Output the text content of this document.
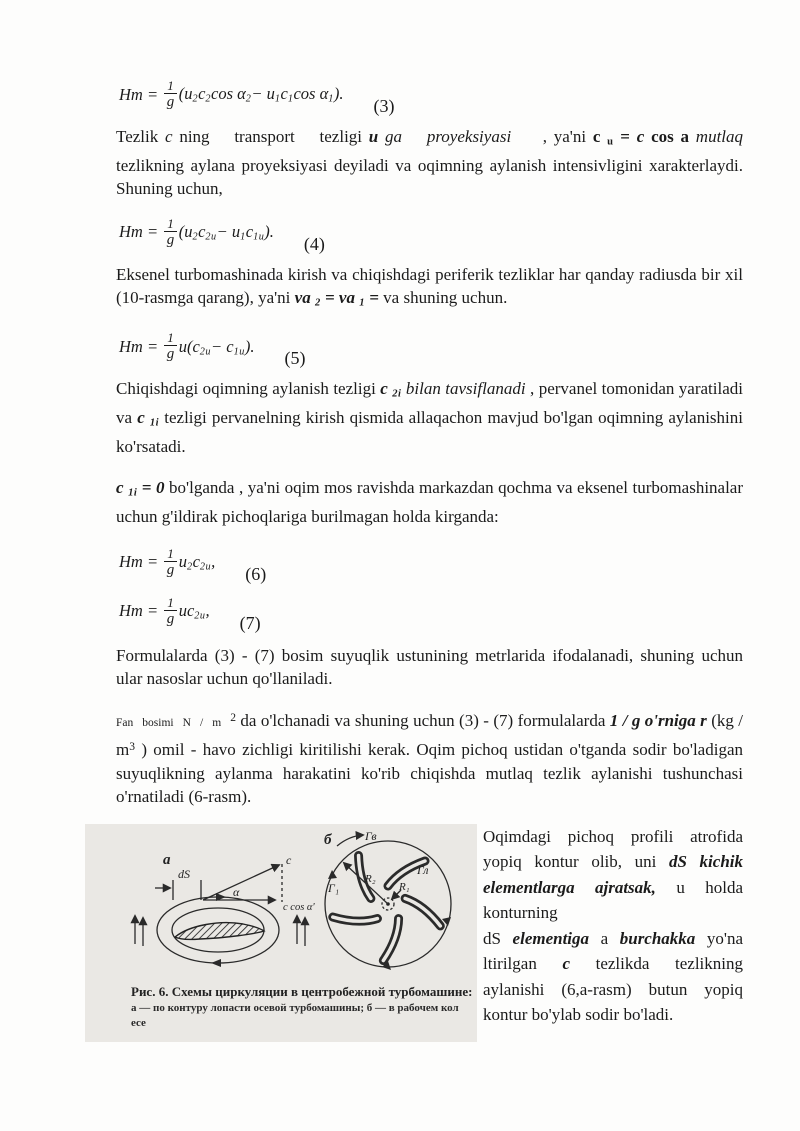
$Hm = \frac{1}{g} (u2c2\cos$ α2− u1c1cos α1).
(3)

Tezlik c ning transport tezligi u ga proyeksiyasi  , ya'ni c u = c cos a mutlaq tezlikning aylana proyeksiyasi deyiladi va oqimning aylanish intensivligini xarakterlaydi. Shuning uchun,

$Hm = \frac{1}{g} (u2c2u- u1c1u)$.
(4)

Eksenel turbomashinada kirish va chiqishdagi periferik tezliklar har qanday radiusda bir xil (10-rasmga qarang), ya'ni va 2 = va 1 = va shuning uchun.

$Hm = \frac{1}{g} u(c2u- c1u)$.
(5)

Chiqishdagi oqimning aylanish tezligi c 2i bilan tavsiflanadi , pervanel tomonidan yaratiladi va c 1i tezligi pervanelning kirish qismida allaqachon mavjud bo'lgan oqimning aylanishini ko'rsatadi.

c 1i = 0 bo'lganda , ya'ni oqim mos ravishda markazdan qochma va eksenel turbomashinalar uchun g'ildirak pichoqlariga burilmagan holda kirganda:

$Hm = \frac{1}{g} u2c2u$,
(6)
$Hm = \frac{1}{g} uc2u$,
(7)

Formulalarda (3) - (7) bosim suyuqlik ustunining metrlarida ifodalanadi, shuning uchun ular nasoslar uchun qo'llaniladi.

Fan bosimi N / m $^2$ da o'lchanadi va shuning uchun (3) - (7) formulalarda 1 / g o'rniga r ($kg / m^3$ ) omil - havo zichligi kiritilishi kerak. Oqim pichoq ustidan o'tganda sodir bo'ladigan suyuqlikning aylanma harakatini ko'rib chiqishda mutlaq tezlik aylanishi tushunchasi o'rnatiladi (6-rasm).

a
dS
c
α
c cos α'
б
R₂
R₁
Гв
Гл
Г₁
Рис. 6. Схемы циркуляции в центробежной турбомашине:
а — по контуру лопасти осевой турбомашины; б — в рабочем кол
есе

Oqimdagi pichoq profili atrofida yopiq kontur olib, uni dS kichik elementlarga ajratsak, u holda konturning
dS elementiga a burchakka yo'na ltirilgan c tezlikda tezlikning aylanishi (6,a-rasm) butun yopiq kontur bo'ylab sodir bo'ladi.
